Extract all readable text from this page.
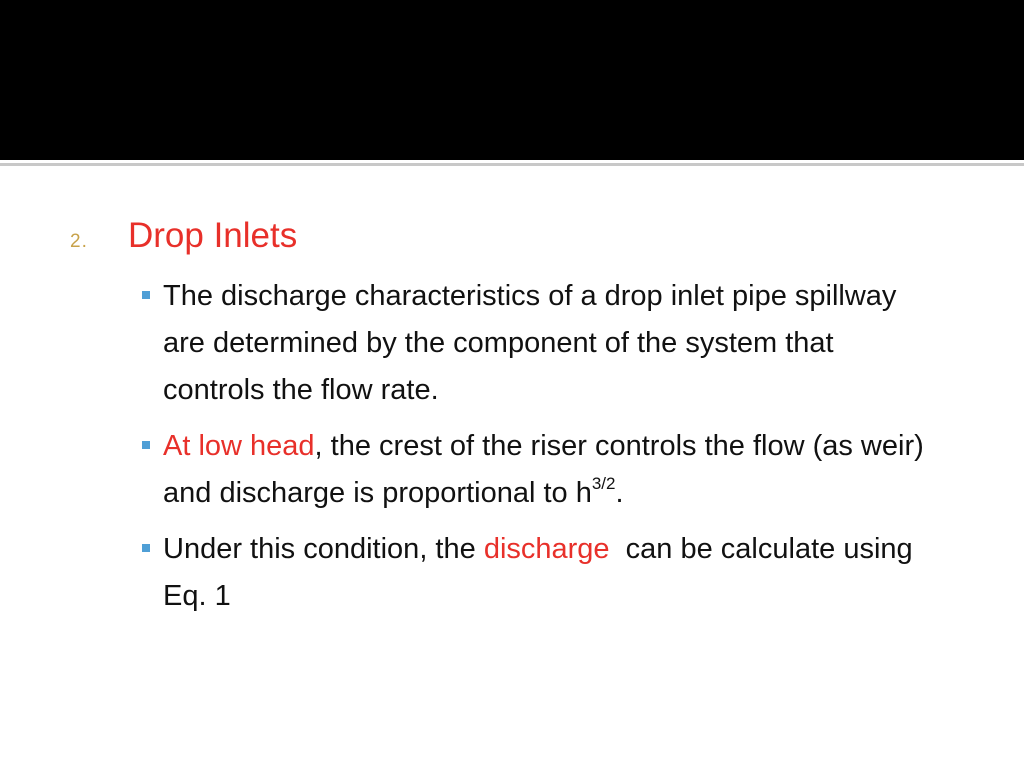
2.	Drop Inlets
The discharge characteristics of a drop inlet pipe spillway are determined by the component of the system that controls the flow rate.
At low head, the crest of the riser controls the flow (as weir) and discharge is proportional to $h^{3/2}$.
Under this condition, the discharge  can be calculate using Eq. 1
